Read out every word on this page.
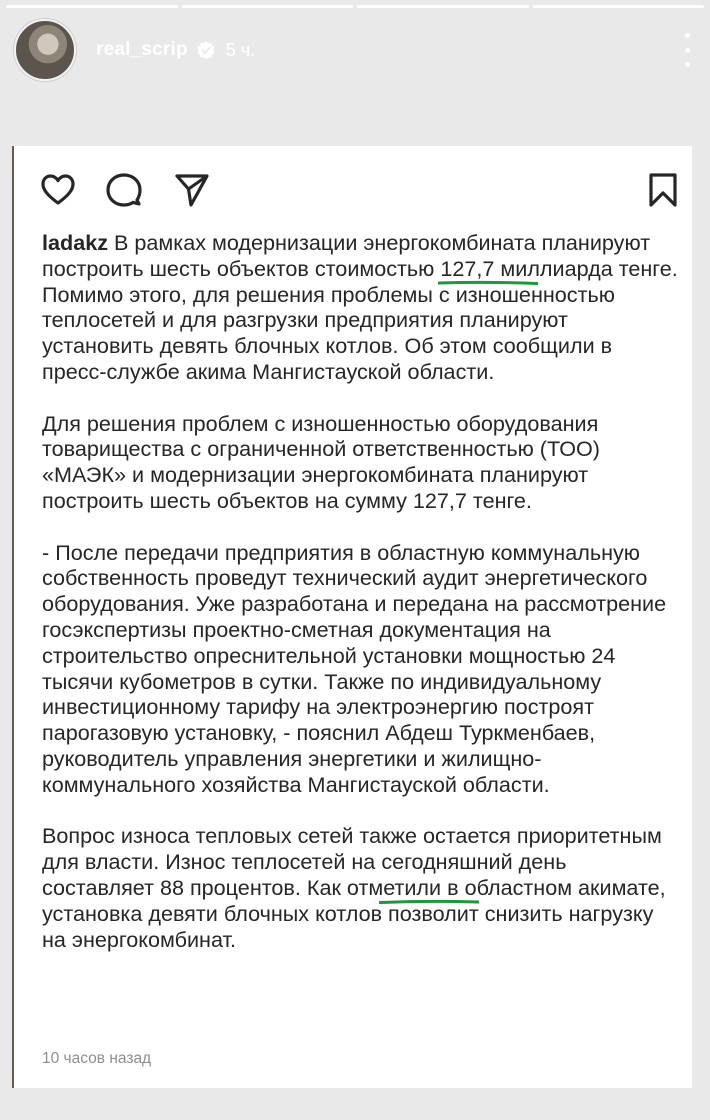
real_scrip 5 ч.

ladakz В рамках модернизации энергокомбината планируют построить шесть объектов стоимостью 127,7 миллиарда тенге
. Помимо этого, для решения проблемы с изношенностью теплосетей и для разгрузки предприятия планируют установить девять блочных котлов. Об этом сообщили в пресс-службе акима Мангистауской области.

Для решения проблем с изношенностью оборудования товарищества с ограниченной ответственностью (ТОО) «МАЭК» и модернизации энергокомбината планируют построить шесть объектов на сумму 127,7 тенге.

- После передачи предприятия в областную коммунальную собственность проведут технический аудит энергетического оборудования. Уже разработана и передана на рассмотрение госэкспертизы проектно-сметная документация на строительство опреснительной установки мощностью 24 тысячи кубометров в сутки. Также по индивидуальному инвестиционному тарифу на электроэнергию построят парогазовую установку, - пояснил Абдеш Туркменбаев, руководитель управления энергетики и жилищно-коммунального хозяйства Мангистауской области.

Вопрос износа тепловых сетей также остается приоритетным для власти. Износ теплосетей на сегодняшний день составляет 88 процентов. Как
отметили в областном акимате, установка девяти блочных котлов позволит снизить нагрузку на энергокомбинат.

10 часов назад
